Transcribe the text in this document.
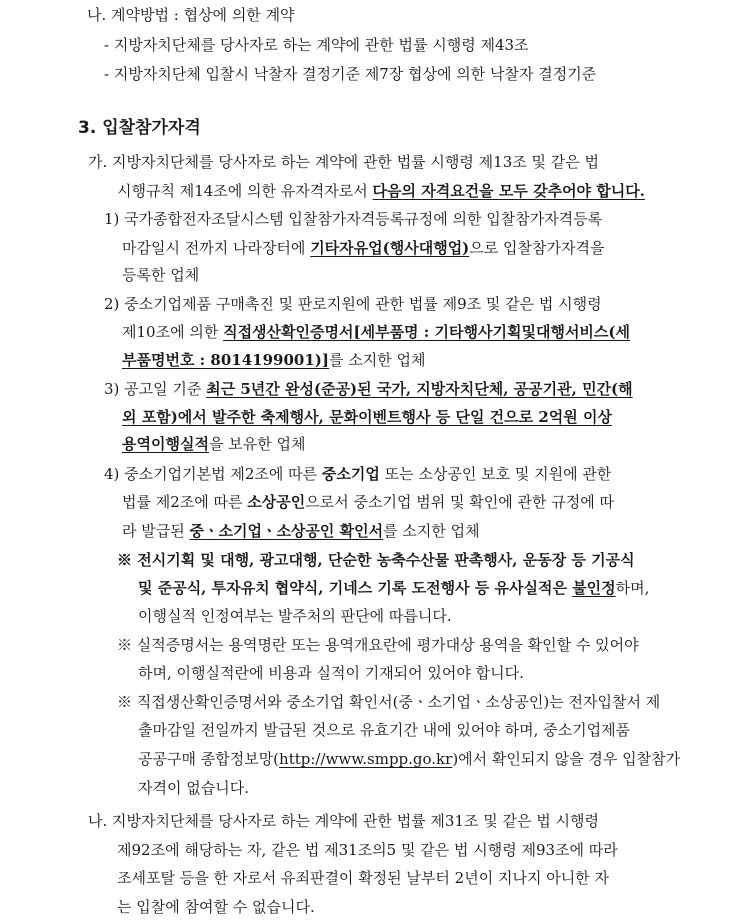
나. 계약방법 : 협상에 의한 계약
- 지방자치단체를 당사자로 하는 계약에 관한 법률 시행령 제43조
- 지방자치단체 입찰시 낙찰자 결정기준 제7장 협상에 의한 낙찰자 결정기준
3. 입찰참가자격
가. 지방자치단체를 당사자로 하는 계약에 관한 법률 시행령 제13조 및 같은 법
시행규칙 제14조에 의한 유자격자로서 다음의 자격요건을 모두 갖추어야 합니다.
1) 국가종합전자조달시스템 입찰참가자격등록규정에 의한 입찰참가자격등록
마감일시 전까지 나라장터에 기타자유업(행사대행업)으로 입찰참가자격을
등록한 업체
2) 중소기업제품 구매촉진 및 판로지원에 관한 법률 제9조 및 같은 법 시행령
제10조에 의한 직접생산확인증명서[세부품명 : 기타행사기획및대행서비스(세
부품명번호 : 8014199001)]를 소지한 업체
3) 공고일 기준 최근 5년간 완성(준공)된 국가, 지방자치단체, 공공기관, 민간(해
외 포함)에서 발주한 축제행사, 문화이벤트행사 등 단일 건으로 2억원 이상
용역이행실적을 보유한 업체
4) 중소기업기본법 제2조에 따른 중소기업 또는 소상공인 보호 및 지원에 관한
법률 제2조에 따른 소상공인으로서 중소기업 범위 및 확인에 관한 규정에 따
라 발급된 중ㆍ소기업ㆍ소상공인 확인서를 소지한 업체
※ 전시기획 및 대행, 광고대행, 단순한 농축수산물 판촉행사, 운동장 등 기공식
및 준공식, 투자유치 협약식, 기네스 기록 도전행사 등 유사실적은 불인정하며,
이행실적 인정여부는 발주처의 판단에 따릅니다.
※ 실적증명서는 용역명란 또는 용역개요란에 평가대상 용역을 확인할 수 있어야
하며, 이행실적란에 비용과 실적이 기재되어 있어야 합니다.
※ 직접생산확인증명서와 중소기업 확인서(중ㆍ소기업ㆍ소상공인)는 전자입찰서 제
출마감일 전일까지 발급된 것으로 유효기간 내에 있어야 하며, 중소기업제품
공공구매 종합정보망(http://www.smpp.go.kr)에서 확인되지 않을 경우 입찰참가
자격이 없습니다.
나. 지방자치단체를 당사자로 하는 계약에 관한 법률 제31조 및 같은 법 시행령
제92조에 해당하는 자, 같은 법 제31조의5 및 같은 법 시행령 제93조에 따라
조세포탈 등을 한 자로서 유죄판결이 확정된 날부터 2년이 지나지 아니한 자
는 입찰에 참여할 수 없습니다.
